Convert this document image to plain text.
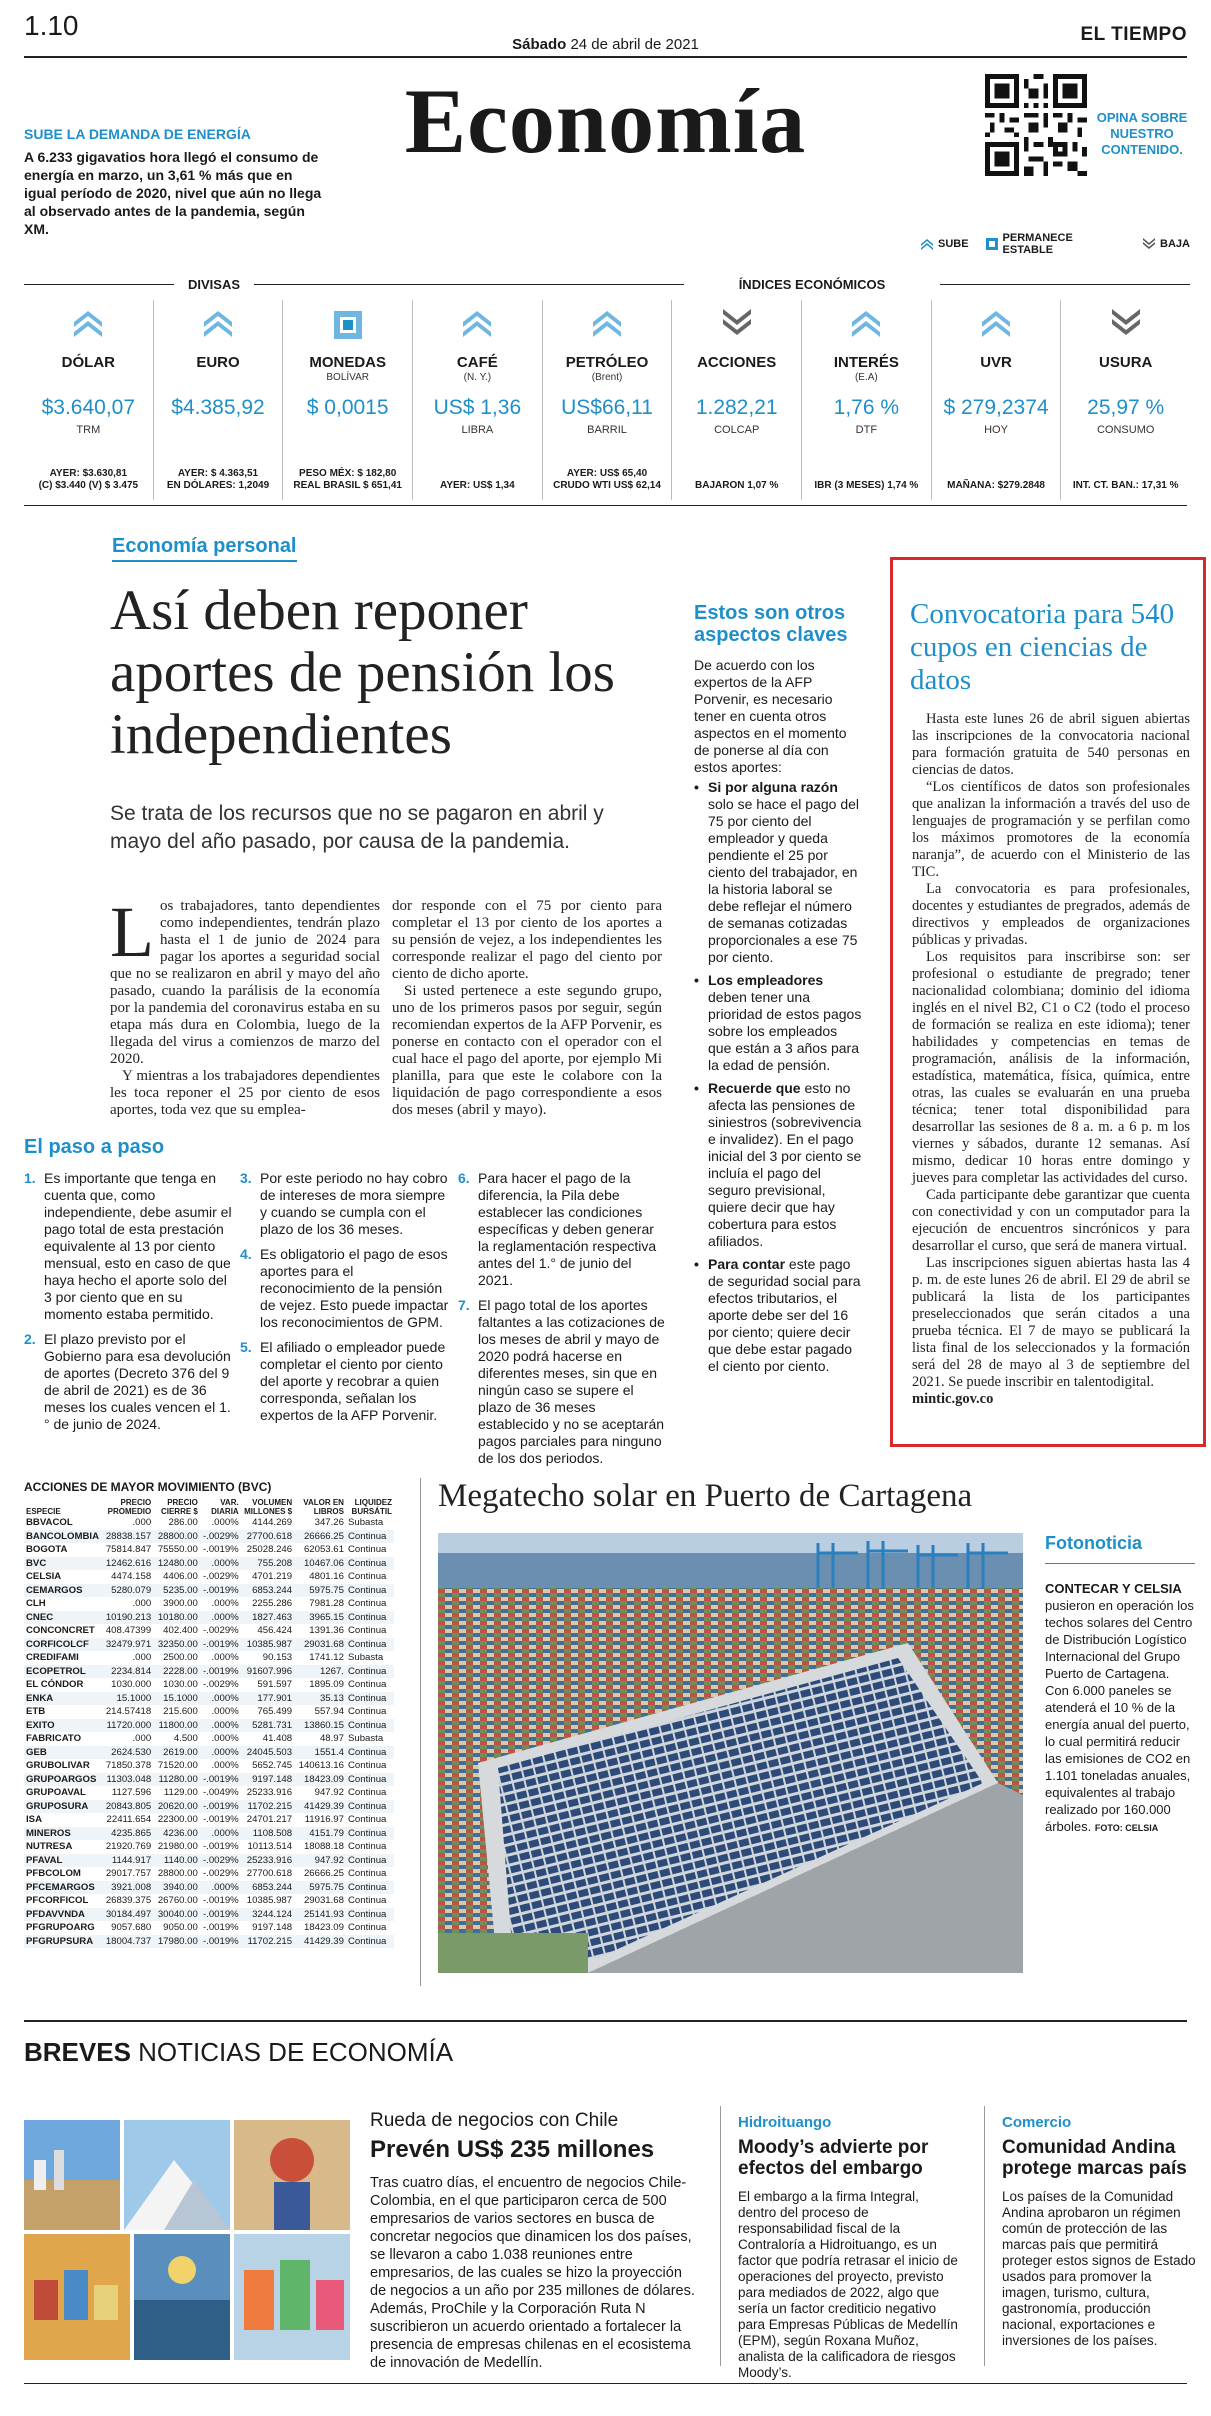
1.10
Sábado 24 de abril de 2021	EL TIEMPO
Economía
SUBE LA DEMANDA DE ENERGÍA
A 6.233 gigavatios hora llegó el consumo de energía en marzo, un 3,61 % más que en igual período de 2020, nivel que aún no llega al observado antes de la pandemia, según XM.
OPINA SOBRE NUESTRO CONTENIDO.
SUBE	PERMANECE ESTABLE	BAJA
DIVISAS	ÍNDICES ECONÓMICOS
DÓLAR
$3.640,07
TRM
AYER: $3.630,81
(C) $3.440 (V) $ 3.475
EURO
$4.385,92
AYER: $ 4.363,51
EN DÓLARES: 1,2049
MONEDAS
BOLÍVAR
$ 0,0015
PESO MÉX: $ 182,80
REAL BRASIL $ 651,41
CAFÉ
(N. Y.)
US$ 1,36
LIBRA
AYER: US$ 1,34
PETRÓLEO
(Brent)
US$66,11
BARRIL
AYER: US$ 65,40
CRUDO WTI US$ 62,14
ACCIONES
1.282,21
COLCAP
BAJARON 1,07 %
INTERÉS
(E.A)
1,76 %
DTF
IBR (3 MESES) 1,74 %
UVR
$ 279,2374
HOY
MAÑANA: $279.2848
USURA
25,97 %
CONSUMO
INT. CT. BAN.: 17,31 %
Economía personal
Así deben reponer aportes de pensión los independientes
Se trata de los recursos que no se pagaron en abril y mayo del año pasado, por causa de la pandemia.
Los trabajadores, tanto dependientes como independientes, tendrán plazo hasta el 1 de junio de 2024 para pagar los aportes a seguridad social que no se realizaron en abril y mayo del año pasado, cuando la parálisis de la economía por la pandemia del coronavirus estaba en su etapa más dura en Colombia, luego de la llegada del virus a comienzos de marzo del 2020.
Y mientras a los trabajadores dependientes les toca reponer el 25 por ciento de esos aportes, toda vez que su emplea-
dor responde con el 75 por ciento para completar el 13 por ciento de los aportes a su pensión de vejez, a los independientes les corresponde realizar el pago del ciento por ciento de dicho aporte.
Si usted pertenece a este segundo grupo, uno de los primeros pasos por seguir, según recomiendan expertos de la AFP Porvenir, es ponerse en contacto con el operador con el cual hace el pago del aporte, por ejemplo Mi planilla, para que este le colabore con la liquidación de pago correspondiente a esos dos meses (abril y mayo).
El paso a paso
1. Es importante que tenga en cuenta que, como independiente, debe asumir el pago total de esta prestación equivalente al 13 por ciento mensual, esto en caso de que haya hecho el aporte solo del 3 por ciento que en su momento estaba permitido.
2. El plazo previsto por el Gobierno para esa devolución de aportes (Decreto 376 del 9 de abril de 2021) es de 36 meses los cuales vencen el 1.° de junio de 2024.
3. Por este periodo no hay cobro de intereses de mora siempre y cuando se cumpla con el plazo de los 36 meses.
4. Es obligatorio el pago de esos aportes para el reconocimiento de la pensión de vejez. Esto puede impactar los reconocimientos de GPM.
5. El afiliado o empleador puede completar el ciento por ciento del aporte y recobrar a quien corresponda, señalan los expertos de la AFP Porvenir.
6. Para hacer el pago de la diferencia, la Pila debe establecer las condiciones específicas y deben generar la reglamentación respectiva antes del 1.° de junio del 2021.
7. El pago total de los aportes faltantes a las cotizaciones de los meses de abril y mayo de 2020 podrá hacerse en diferentes meses, sin que en ningún caso se supere el plazo de 36 meses establecido y no se aceptarán pagos parciales para ninguno de los dos periodos.
Estos son otros aspectos claves
De acuerdo con los expertos de la AFP Porvenir, es necesario tener en cuenta otros aspectos en el momento de ponerse al día con estos aportes:
• Si por alguna razón solo se hace el pago del 75 por ciento del empleador y queda pendiente el 25 por ciento del trabajador, en la historia laboral se debe reflejar el número de semanas cotizadas proporcionales a ese 75 por ciento.
• Los empleadores deben tener una prioridad de estos pagos sobre los empleados que están a 3 años para la edad de pensión.
• Recuerde que esto no afecta las pensiones de siniestros (sobrevivencia e invalidez). En el pago inicial del 3 por ciento se incluía el pago del seguro previsional, quiere decir que hay cobertura para estos afiliados.
• Para contar este pago de seguridad social para efectos tributarios, el aporte debe ser del 16 por ciento; quiere decir que debe estar pagado el ciento por ciento.
Convocatoria para 540 cupos en ciencias de datos

Hasta este lunes 26 de abril siguen abiertas las inscripciones de la convocatoria nacional para formación gratuita de 540 personas en ciencias de datos.

“Los científicos de datos son profesionales que analizan la información a través del uso de lenguajes de programación y se perfilan como los máximos promotores de la economía naranja”, de acuerdo con el Ministerio de las TIC.

La convocatoria es para profesionales, docentes y estudiantes de pregrados, además de directivos y empleados de organizaciones públicas y privadas.

Los requisitos para inscribirse son: ser profesional o estudiante de pregrado; tener nacionalidad colombiana; dominio del idioma inglés en el nivel B2, C1 o C2 (todo el proceso de formación se realiza en este idioma); tener habilidades y competencias en temas de programación, análisis de la información, estadística, matemática, física, química, entre otras, las cuales se evaluarán en una prueba técnica; tener total disponibilidad para desarrollar las sesiones de 8 a. m. a 6 p. m los viernes y sábados, durante 12 semanas. Así mismo, dedicar 10 horas entre domingo y jueves para completar las actividades del curso.

Cada participante debe garantizar que cuenta con conectividad y con un computador para la ejecución de encuentros sincrónicos y para desarrollar el curso, que será de manera virtual.

Las inscripciones siguen abiertas hasta las 4 p. m. de este lunes 26 de abril. El 29 de abril se publicará la lista de los participantes preseleccionados que serán citados a una prueba técnica. El 7 de mayo se publicará la lista final de los seleccionados y la formación será del 28 de mayo al 3 de septiembre del 2021. Se puede inscribir en talentodigital.

mintic.gov.co
ACCIONES DE MAYOR MOVIMIENTO (BVC)
ESPECIE	PRECIO PROMEDIO	PRECIO CIERRE $	VAR. DIARIA	VOLUMEN MILLONES $	VALOR EN LIBROS	LIQUIDEZ BURSÁTIL
BBVACOL	.000	286.00	.000%	4144.269	347.26	Subasta
BANCOLOMBIA	28838.157	28800.00	-.0029%	27700.618	26666.25	Continua
BOGOTA	75814.847	75550.00	-.0019%	25028.246	62053.61	Continua
BVC	12462.616	12480.00	.000%	755.208	10467.06	Continua
CELSIA	4474.158	4406.00	-.0029%	4701.219	4801.16	Continua
CEMARGOS	5280.079	5235.00	-.0019%	6853.244	5975.75	Continua
CLH	.000	3900.00	.000%	2255.286	7981.28	Continua
CNEC	10190.213	10180.00	.000%	1827.463	3965.15	Continua
CONCONCRET	408.47399	402.400	-.0029%	456.424	1391.36	Continua
CORFICOLCF	32479.971	32350.00	-.0019%	10385.987	29031.68	Continua
CREDIFAMI	.000	2500.00	.000%	90.153	1741.12	Subasta
ECOPETROL	2234.814	2228.00	-.0019%	91607.996	1267.	Continua
EL CÓNDOR	1030.000	1030.00	-.0029%	591.597	1895.09	Continua
ENKA	15.1000	15.1000	.000%	177.901	35.13	Continua
ETB	214.57418	215.600	.000%	765.499	557.94	Continua
EXITO	11720.000	11800.00	.000%	5281.731	13860.15	Continua
FABRICATO	.000	4.500	.000%	41.408	48.97	Subasta
GEB	2624.530	2619.00	.000%	24045.503	1551.4	Continua
GRUBOLIVAR	71850.378	71520.00	.000%	5652.745	140613.16	Continua
GRUPOARGOS	11303.048	11280.00	-.0019%	9197.148	18423.09	Continua
GRUPOAVAL	1127.596	1129.00	-.0049%	25233.916	947.92	Continua
GRUPOSURA	20843.805	20620.00	-.0019%	11702.215	41429.39	Continua
ISA	22411.654	22300.00	-.0019%	24701.217	11916.97	Continua
MINEROS	4235.865	4236.00	.000%	1108.508	4151.79	Continua
NUTRESA	21920.769	21980.00	-.0019%	10113.514	18088.18	Continua
PFAVAL	1144.917	1140.00	-.0029%	25233.916	947.92	Continua
PFBCOLOM	29017.757	28800.00	-.0029%	27700.618	26666.25	Continua
PFCEMARGOS	3921.008	3940.00	.000%	6853.244	5975.75	Continua
PFCORFICOL	26839.375	26760.00	-.0019%	10385.987	29031.68	Continua
PFDAVVNDA	30184.497	30040.00	-.0019%	3244.124	25141.93	Continua
PFGRUPOARG	9057.680	9050.00	-.0019%	9197.148	18423.09	Continua
PFGRUPSURA	18004.737	17980.00	-.0019%	11702.215	41429.39	Continua
Megatecho solar en Puerto de Cartagena
Fotonoticia
CONTECAR Y CELSIA pusieron en operación los techos solares del Centro de Distribución Logístico Internacional del Grupo Puerto de Cartagena. Con 6.000 paneles se atenderá el 10 % de la energía anual del puerto, lo cual permitirá reducir las emisiones de CO2 en 1.101 toneladas anuales, equivalentes al trabajo realizado por 160.000 árboles. FOTO: CELSIA
BREVES NOTICIAS DE ECONOMÍA
Rueda de negocios con Chile
Prevén US$ 235 millones
Tras cuatro días, el encuentro de negocios Chile-Colombia, en el que participaron cerca de 500 empresarios de varios sectores en busca de concretar negocios que dinamicen los dos países, se llevaron a cabo 1.038 reuniones entre empresarios, de las cuales se hizo la proyección de negocios a un año por 235 millones de dólares. Además, ProChile y la Corporación Ruta N suscribieron un acuerdo orientado a fortalecer la presencia de empresas chilenas en el ecosistema de innovación de Medellín.
Hidroituango
Moody’s advierte por efectos del embargo
El embargo a la firma Integral, dentro del proceso de responsabilidad fiscal de la Contraloría a Hidroituango, es un factor que podría retrasar el inicio de operaciones del proyecto, previsto para mediados de 2022, algo que sería un factor crediticio negativo para Empresas Públicas de Medellín (EPM), según Roxana Muñoz, analista de la calificadora de riesgos Moody’s.
Comercio
Comunidad Andina protege marcas país
Los países de la Comunidad Andina aprobaron un régimen común de protección de las marcas país que permitirá proteger estos signos de Estado usados para promover la imagen, turismo, cultura, gastronomía, producción nacional, exportaciones e inversiones de los países.
